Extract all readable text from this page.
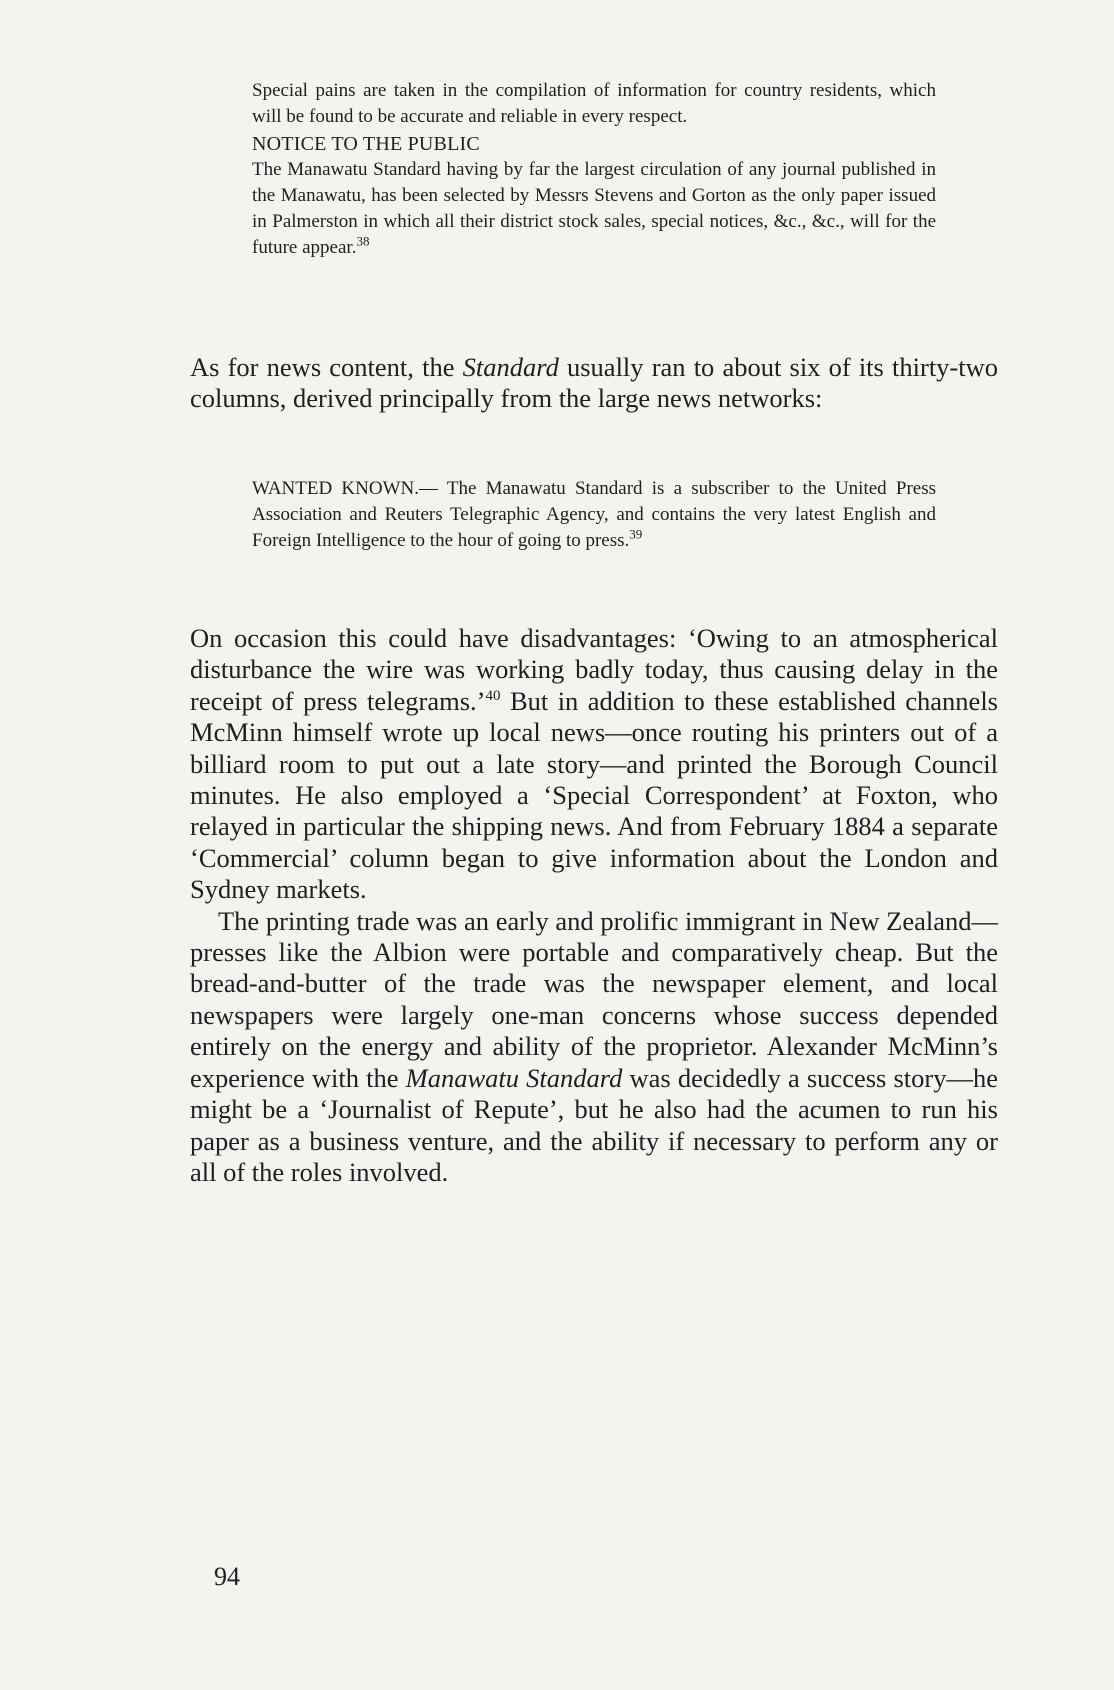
Special pains are taken in the compilation of information for country residents, which will be found to be accurate and reliable in every respect.

NOTICE TO THE PUBLIC

The Manawatu Standard having by far the largest circulation of any journal published in the Manawatu, has been selected by Messrs Stevens and Gorton as the only paper issued in Palmerston in which all their district stock sales, special notices, &c., &c., will for the future appear.$^{38}$

As for news content, the Standard usually ran to about six of its thirty-two columns, derived principally from the large news networks:

WANTED KNOWN.— The Manawatu Standard is a subscriber to the United Press Association and Reuters Telegraphic Agency, and contains the very latest English and Foreign Intelligence to the hour of going to press.$^{39}$

On occasion this could have disadvantages: ‘Owing to an atmospherical disturbance the wire was working badly today, thus causing delay in the receipt of press telegrams.’$^{40}$ But in addition to these established channels McMinn himself wrote up local news—once routing his printers out of a billiard room to put out a late story—and printed the Borough Council minutes. He also employed a ‘Special Correspondent’ at Foxton, who relayed in particular the shipping news. And from February 1884 a separate ‘Commercial’ column began to give information about the London and Sydney markets.

The printing trade was an early and prolific immigrant in New Zealand—presses like the Albion were portable and comparatively cheap. But the bread-and-butter of the trade was the newspaper element, and local newspapers were largely one-man concerns whose success depended entirely on the energy and ability of the proprietor. Alexander McMinn’s experience with the Manawatu Standard was decidedly a success story—he might be a ‘Journalist of Repute’, but he also had the acumen to run his paper as a business venture, and the ability if necessary to perform any or all of the roles involved.

94
